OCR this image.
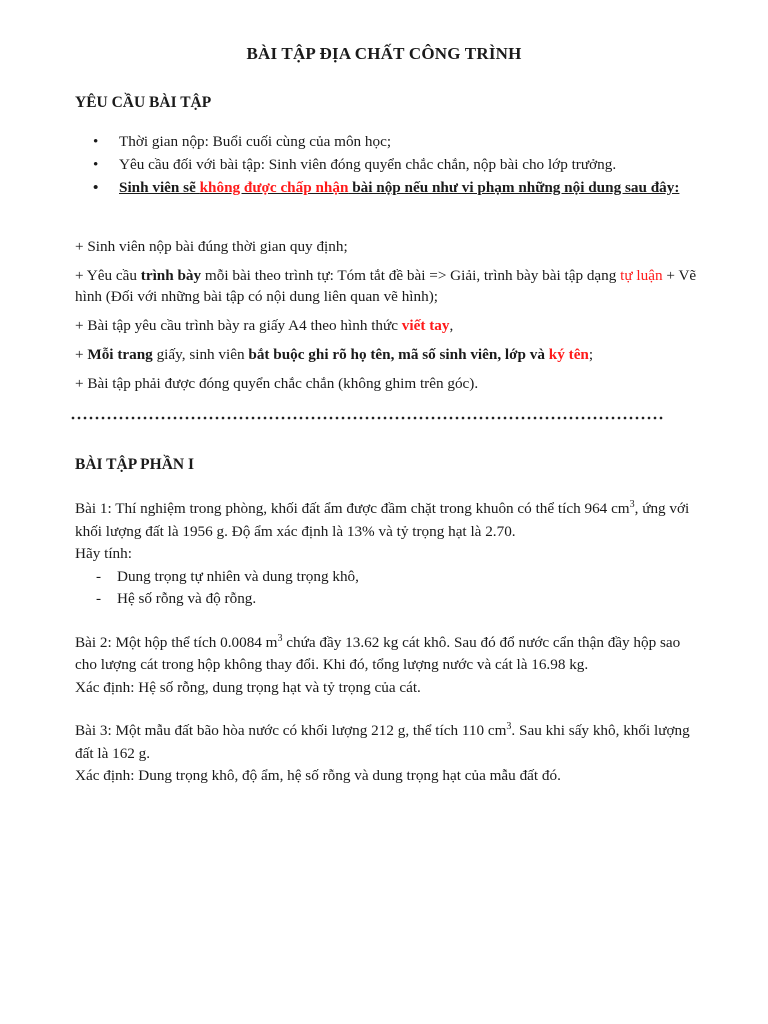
BÀI TẬP ĐỊA CHẤT CÔNG TRÌNH
YÊU CẦU BÀI TẬP
• Thời gian nộp: Buổi cuối cùng của môn học;
• Yêu cầu đối với bài tập: Sinh viên đóng quyển chắc chắn, nộp bài cho lớp trưởng.
• Sinh viên sẽ không được chấp nhận bài nộp nếu như vi phạm những nội dung sau đây:

+ Sinh viên nộp bài đúng thời gian quy định;

+ Yêu cầu trình bày mỗi bài theo trình tự: Tóm tắt đề bài => Giải, trình bày bài tập dạng tự luận + Vẽ hình (Đối với những bài tập có nội dung liên quan vẽ hình);

+ Bài tập yêu cầu trình bày ra giấy A4 theo hình thức viết tay,

+ Mỗi trang giấy, sinh viên bắt buộc ghi rõ họ tên, mã số sinh viên, lớp và ký tên;

+ Bài tập phải được đóng quyển chắc chắn (không ghim trên góc).

BÀI TẬP PHẦN I
Bài 1: Thí nghiệm trong phòng, khối đất ẩm được đầm chặt trong khuôn có thể tích 964 $cm^3$, ứng với khối lượng đất là 1956 g. Độ ẩm xác định là 13% và tỷ trọng hạt là 2.70.
Hãy tính:
- Dung trọng tự nhiên và dung trọng khô,
- Hệ số rỗng và độ rỗng.
Bài 2: Một hộp thể tích 0.0084 $m^3$ chứa đầy 13.62 kg cát khô. Sau đó đổ nước cẩn thận đầy hộp sao cho lượng cát trong hộp không thay đổi. Khi đó, tổng lượng nước và cát là 16.98 kg.
Xác định: Hệ số rỗng, dung trọng hạt và tỷ trọng của cát.
Bài 3: Một mẫu đất bão hòa nước có khối lượng 212 g, thể tích 110 $cm^3$. Sau khi sấy khô, khối lượng đất là 162 g.
Xác định: Dung trọng khô, độ ẩm, hệ số rỗng và dung trọng hạt của mẫu đất đó.
